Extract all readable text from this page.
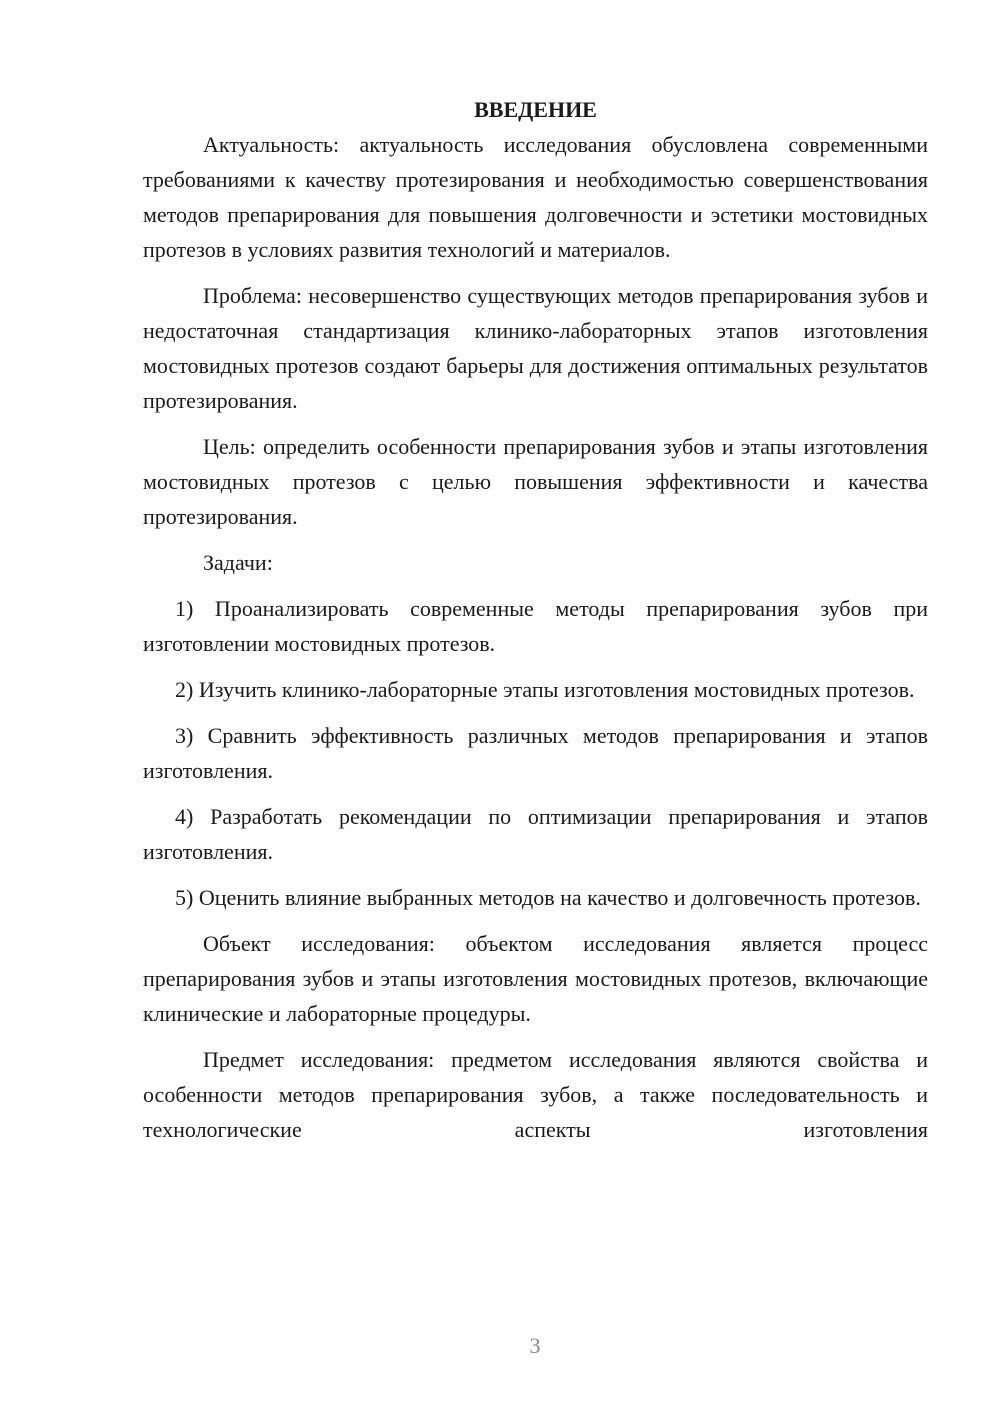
ВВЕДЕНИЕ

Актуальность: актуальность исследования обусловлена современными требованиями к качеству протезирования и необходимостью совершенствования методов препарирования для повышения долговечности и эстетики мостовидных протезов в условиях развития технологий и материалов.

Проблема: несовершенство существующих методов препарирования зубов и недостаточная стандартизация клинико-лабораторных этапов изготовления мостовидных протезов создают барьеры для достижения оптимальных результатов протезирования.

Цель: определить особенности препарирования зубов и этапы изготовления мостовидных протезов с целью повышения эффективности и качества протезирования.

Задачи:

1) Проанализировать современные методы препарирования зубов при изготовлении мостовидных протезов.

2) Изучить клинико-лабораторные этапы изготовления мостовидных протезов.

3) Сравнить эффективность различных методов препарирования и этапов изготовления.

4) Разработать рекомендации по оптимизации препарирования и этапов изготовления.

5) Оценить влияние выбранных методов на качество и долговечность протезов.

Объект исследования: объектом исследования является процесс препарирования зубов и этапы изготовления мостовидных протезов, включающие клинические и лабораторные процедуры.

Предмет исследования: предметом исследования являются свойства и особенности методов препарирования зубов, а также последовательность и технологические аспекты изготовления

3
